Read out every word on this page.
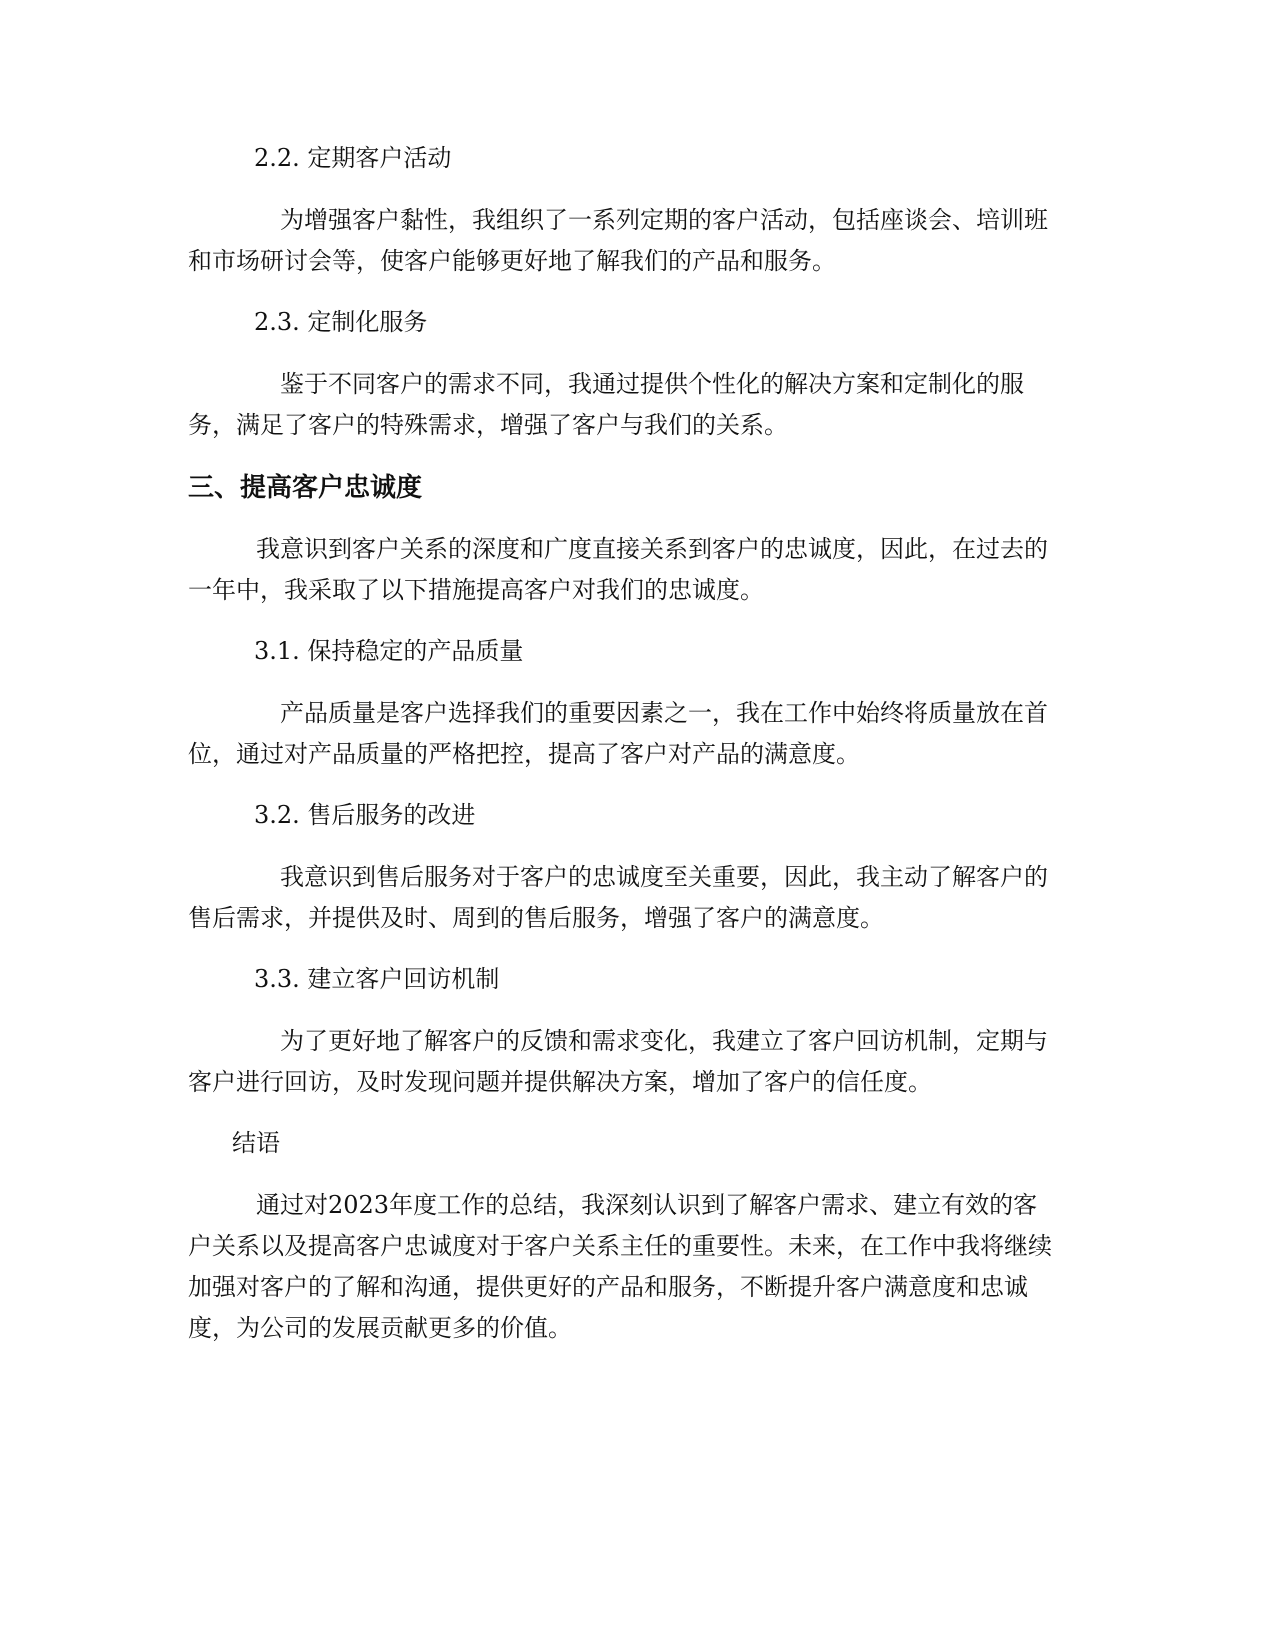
2.2. 定期客户活动
为增强客户黏性，我组织了一系列定期的客户活动，包括座谈会、培训班
和市场研讨会等，使客户能够更好地了解我们的产品和服务。
2.3. 定制化服务
鉴于不同客户的需求不同，我通过提供个性化的解决方案和定制化的服
务，满足了客户的特殊需求，增强了客户与我们的关系。
三、提高客户忠诚度
我意识到客户关系的深度和广度直接关系到客户的忠诚度，因此，在过去的
一年中，我采取了以下措施提高客户对我们的忠诚度。
3.1. 保持稳定的产品质量
产品质量是客户选择我们的重要因素之一，我在工作中始终将质量放在首
位，通过对产品质量的严格把控，提高了客户对产品的满意度。
3.2. 售后服务的改进
我意识到售后服务对于客户的忠诚度至关重要，因此，我主动了解客户的
售后需求，并提供及时、周到的售后服务，增强了客户的满意度。
3.3. 建立客户回访机制
为了更好地了解客户的反馈和需求变化，我建立了客户回访机制，定期与
客户进行回访，及时发现问题并提供解决方案，增加了客户的信任度。
结语
通过对2023年度工作的总结，我深刻认识到了解客户需求、建立有效的客
户关系以及提高客户忠诚度对于客户关系主任的重要性。未来，在工作中我将继续
加强对客户的了解和沟通，提供更好的产品和服务，不断提升客户满意度和忠诚
度，为公司的发展贡献更多的价值。
